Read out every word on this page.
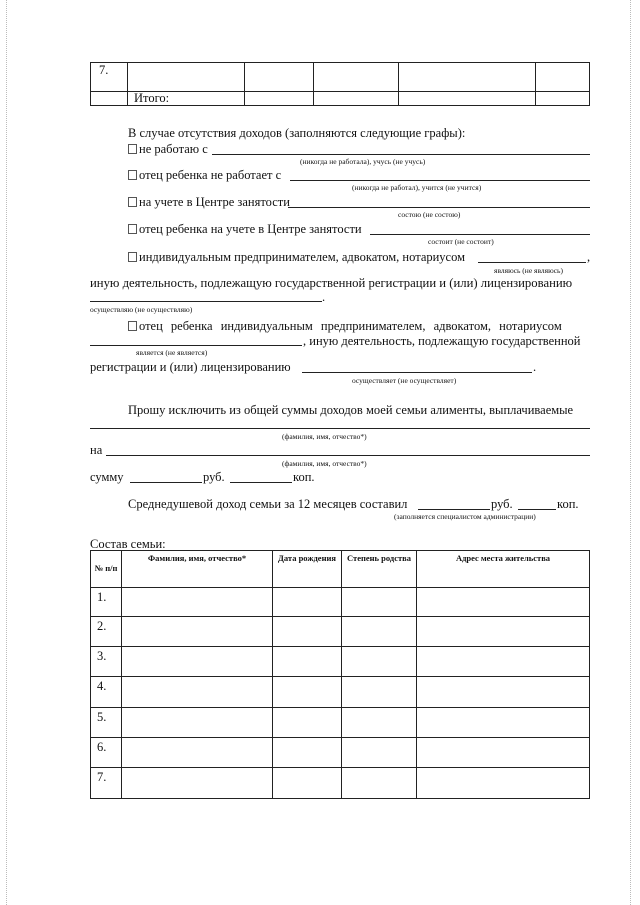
7.					
	Итого:				
В случае отсутствия доходов (заполняются следующие графы):
не работаю с
(никогда не работала), учусь (не учусь)
отец ребенка не работает с
(никогда не работал), учится (не учится)
на учете в Центре занятости
состою (не состою)
отец ребенка на учете в Центре занятости
состоит (не состоит)
индивидуальным предпринимателем, адвокатом, нотариусом	,
являюсь (не являюсь)
иную деятельность, подлежащую государственной регистрации и (или) лицензированию
.
осуществляю (не осуществляю)
отец ребенка индивидуальным предпринимателем, адвокатом, нотариусом
, иную деятельность, подлежащую государственной
является (не является)
регистрации и (или) лицензированию	.
осуществляет (не осуществляет)
Прошу исключить из общей суммы доходов моей семьи алименты, выплачиваемые
(фамилия, имя, отчество*)
на
(фамилия, имя, отчество*)
сумму	руб.	коп.
Среднедушевой доход семьи за 12 месяцев составил	руб.	коп.
(заполняется специалистом администрации)
Состав семьи:
№ п/п	Фамилия, имя, отчество*	Дата рождения	Степень родства	Адрес места жительства
1.				
2.				
3.				
4.				
5.				
6.				
7.				
